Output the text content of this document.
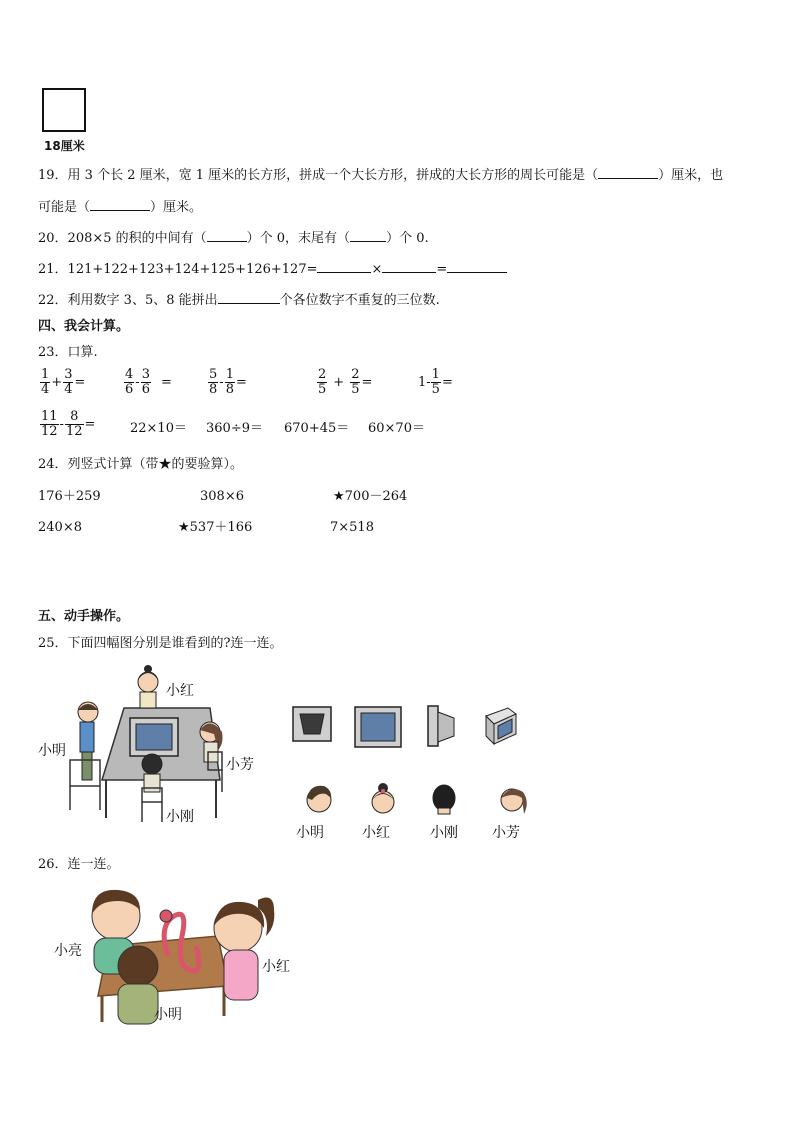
18厘米
19．用 3 个长 2 厘米，宽 1 厘米的长方形，拼成一个大长方形，拼成的大长方形的周长可能是（	）厘米，也
可能是（	）厘米。
20．208×5 的积的中间有（	）个 0，末尾有（	）个 0.
21．121+122+123+124+125+126+127=	×	=
22．利用数字 3、5、8 能拼出	个各位数字不重复的三位数.
四、我会计算。
23．口算.
$\frac{1}{4} + \frac{3}{4}$ =	$\frac{4}{6} - \frac{3}{6}$ =	$\frac{5}{8} - \frac{1}{8}$ =	$\frac{2}{5} + \frac{2}{5}$ =	$1- \frac{1}{5}$ =
$\frac{11}{12} - \frac{8}{12}$ =	22×10＝ 360÷9＝ 670+45＝ 60×70＝
24．列竖式计算（带★的要验算）。
176＋259	308×6	★700－264
240×8	★537＋166	7×518
五、动手操作。
25．下面四幅图分别是谁看到的?连一连。
小红
小明
小芳
小刚
小明	小红	小刚 小芳
26．连一连。
小亮
小红
小明
